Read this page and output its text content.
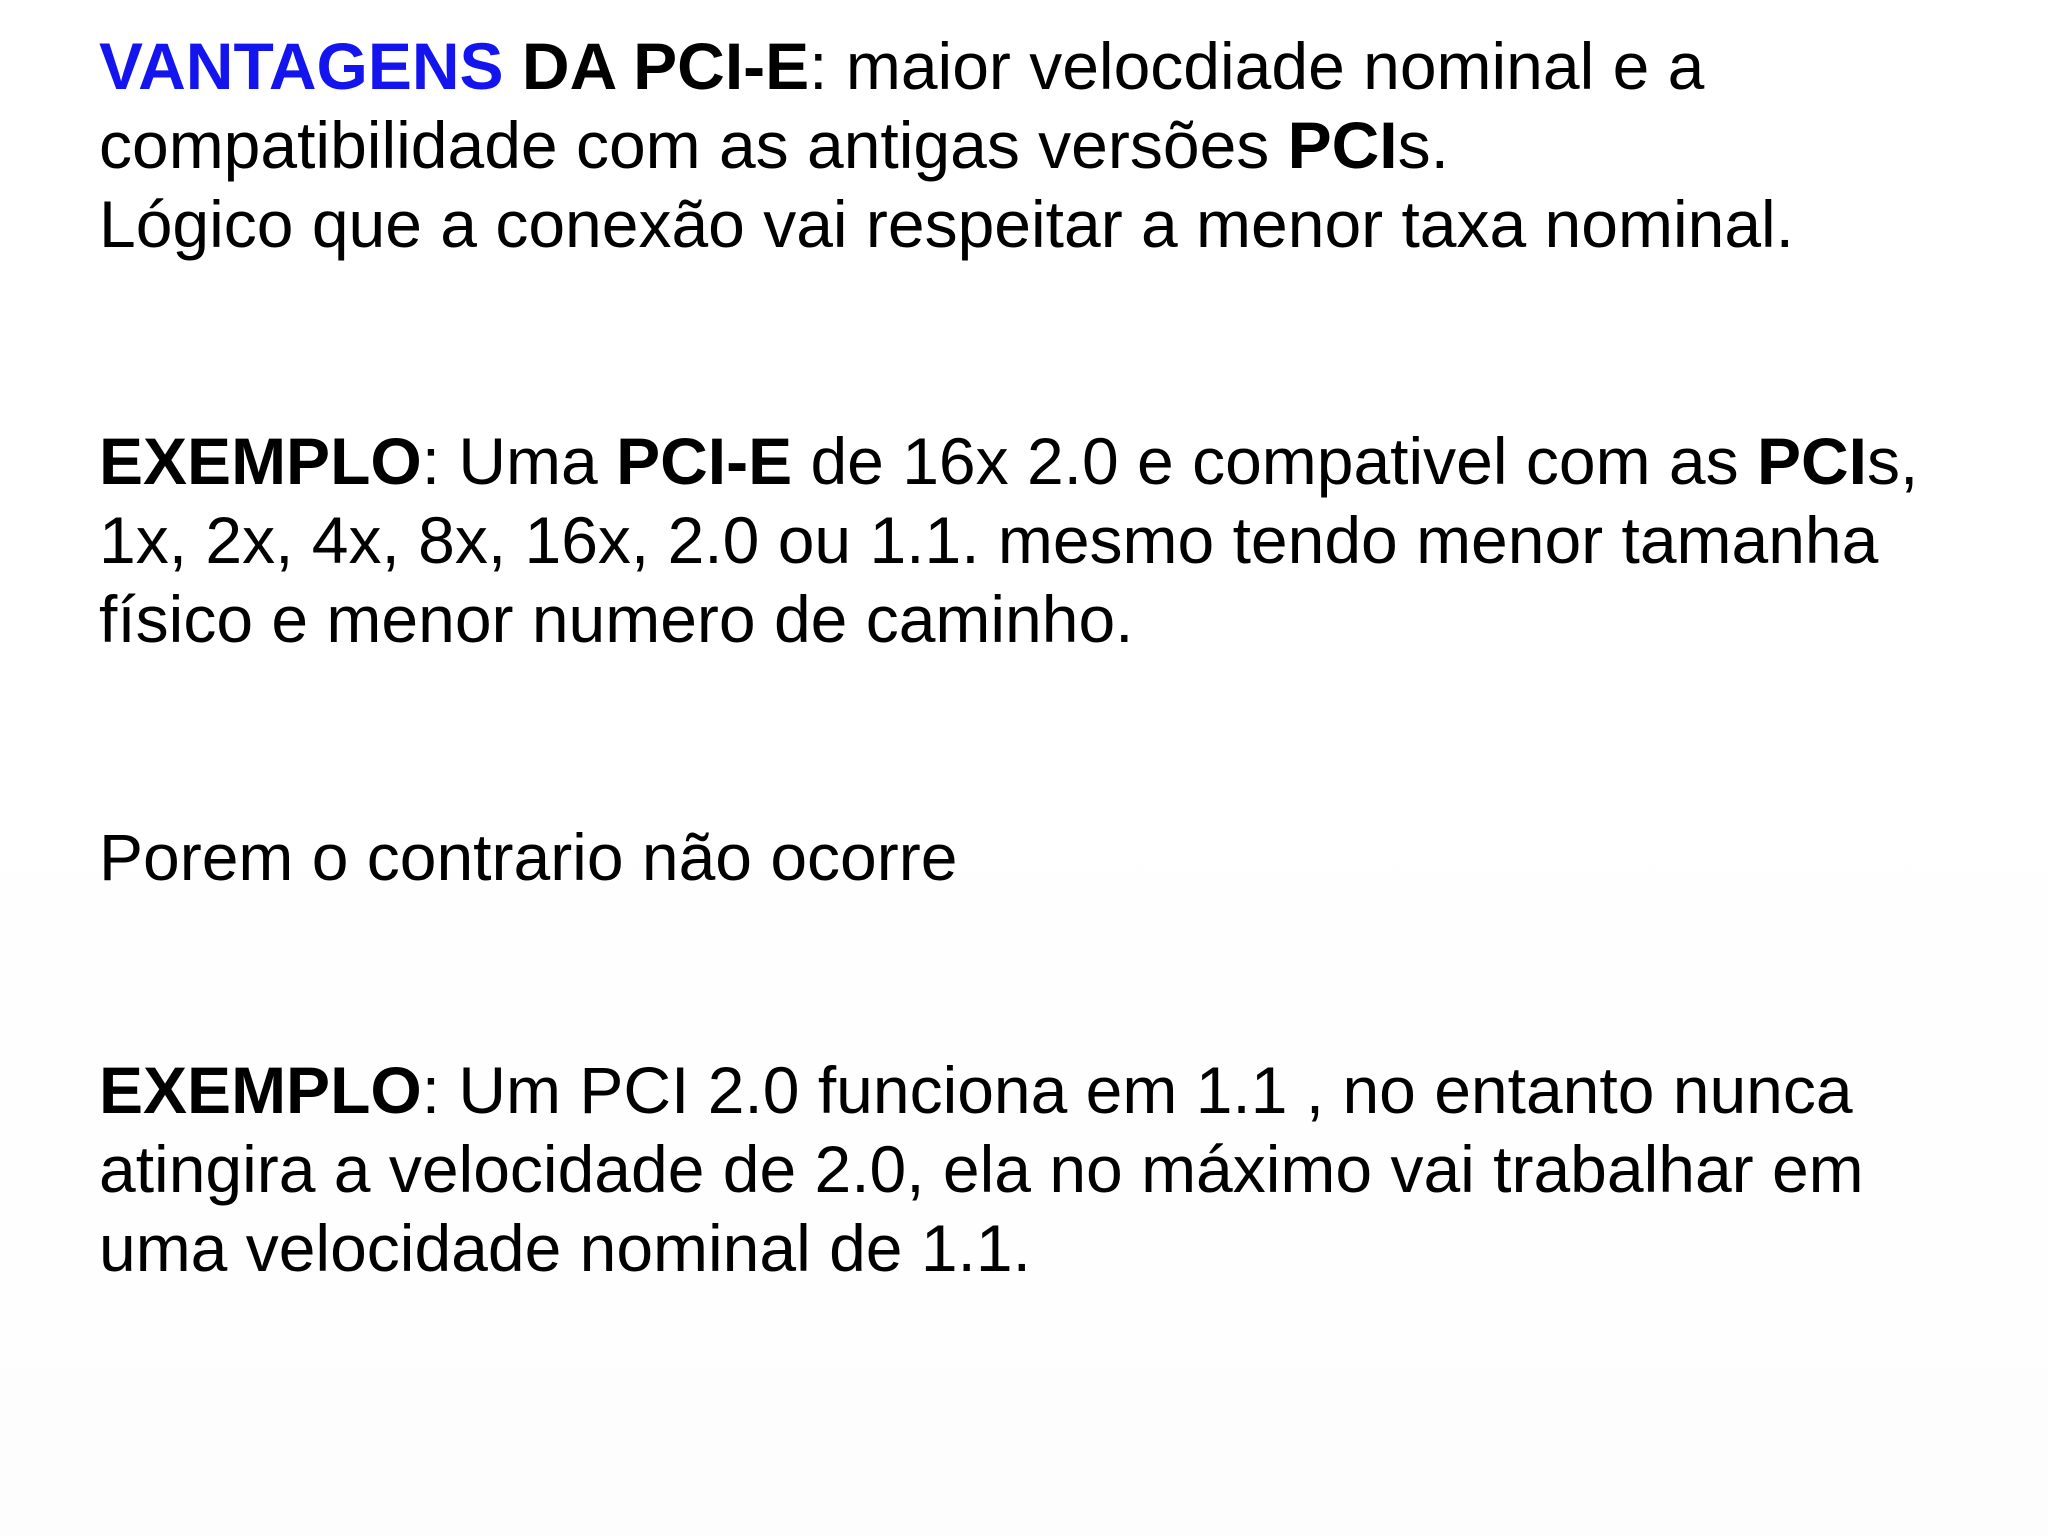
VANTAGENS DA PCI-E: maior velocdiade nominal e a
compatibilidade com as antigas versões PCIs.
Lógico que a conexão vai respeitar a menor taxa nominal.

EXEMPLO: Uma PCI-E de 16x 2.0 e compativel com as PCIs,
1x, 2x, 4x, 8x, 16x, 2.0 ou 1.1. mesmo tendo menor tamanha
físico e menor numero de caminho.

Porem o contrario não ocorre

EXEMPLO: Um PCI 2.0 funciona em 1.1 , no entanto nunca
atingira a velocidade de 2.0, ela no máximo vai trabalhar em
uma velocidade nominal de 1.1.
